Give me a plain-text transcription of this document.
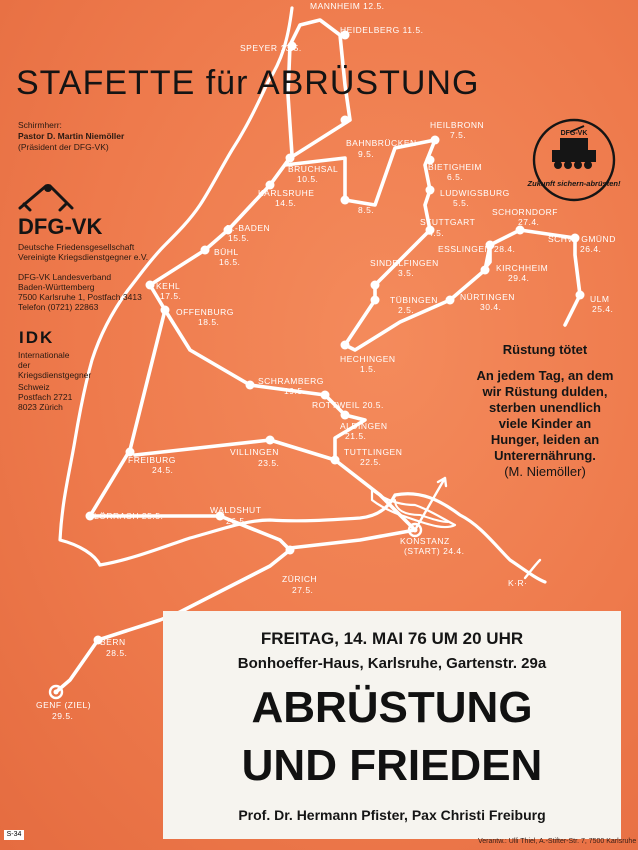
MANNHEIM 12.5.
HEIDELBERG 11.5.
SPEYER 13.5.
HEILBRONN
7.5.
BAHNBRÜCKEN
9.5.
BRUCHSAL
10.5.
BIETIGHEIM
6.5.
KARLSRUHE
14.5.
LUDWIGSBURG
5.5.
8.5.	SCHORNDORF
27.4.
STUTTGART
4.5.
B.-BADEN
15.5.	SCHW. GMÜND
26.4.
ESSLINGEN 28.4.
BÜHL
16.5.	SINDELFINGEN
3.5.	KIRCHHEIM
29.4.
KEHL
17.5.	ULM
25.4.
TÜBINGEN
2.5.
NÜRTINGEN
30.4.
OFFENBURG
18.5.
HECHINGEN
1.5.
SCHRAMBERG
19.5.
ROTTWEIL 20.5.
ALDINGEN
21.5.
TUTTLINGEN
22.5.
FREIBURG
24.5.
VILLINGEN
23.5.
LÖRRACH 25.5.
WALDSHUT
26.5.
KONSTANZ
(START) 24.4.
K·R·
ZÜRICH
27.5.
BERN
28.5.
GENF (ZIEL)
29.5.
DFG-VK
Zukunft sichern-abrüsten!
STAFETTE für ABRÜSTUNG
Schirmherr:
Pastor D. Martin Niemöller
(Präsident der DFG-VK)
DFG-VK
Deutsche Friedensgesellschaft
Vereinigte Kriegsdienstgegner e.V.
DFG-VK Landesverband
Baden-Württemberg
7500 Karlsruhe 1, Postfach 3413
Telefon (0721) 22863
IDK
Internationale
der
Kriegsdienstgegner
Schweiz
Postfach 2721
8023 Zürich
Rüstung tötet
An jedem Tag, an dem wir Rüstung dulden, sterben unendlich viele Kinder an Hunger, leiden an Unterernährung.
(M. Niemöller)
FREITAG, 14. MAI 76 UM 20 UHR
Bonhoeffer-Haus, Karlsruhe, Gartenstr. 29a
ABRÜSTUNG
UND FRIEDEN
Prof. Dr. Hermann Pfister, Pax Christi Freiburg
S-34
Verantw.: Ulli Thiel, A.-Stifter-Str. 7, 7500 Karlsruhe
